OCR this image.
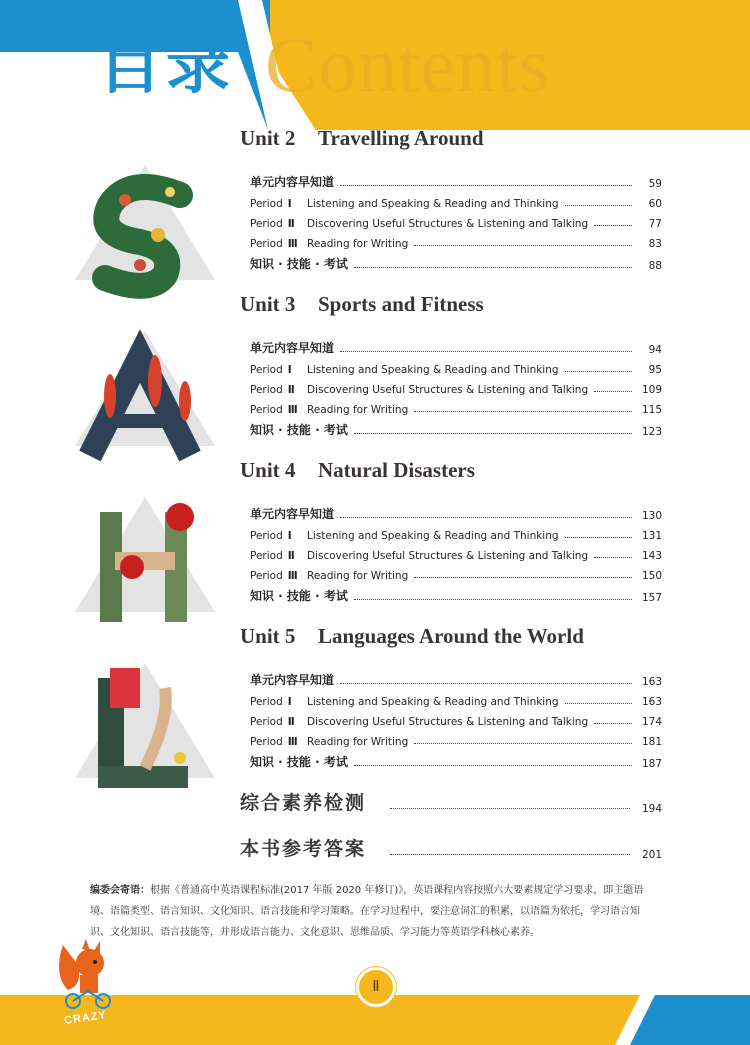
目录 Contents
Unit 2 Travelling Around
单元内容早知道	59
Period Ⅰ	Listening and Speaking & Reading and Thinking	60
Period Ⅱ	Discovering Useful Structures & Listening and Talking	77
Period Ⅲ Reading for Writing	83
知识 · 技能 · 考试	88
Unit 3 Sports and Fitness
单元内容早知道	94
Period Ⅰ	Listening and Speaking & Reading and Thinking	95
Period Ⅱ	Discovering Useful Structures & Listening and Talking	109
Period Ⅲ Reading for Writing	115
知识 · 技能 · 考试	123
Unit 4 Natural Disasters
单元内容早知道	130
Period Ⅰ	Listening and Speaking & Reading and Thinking	131
Period Ⅱ	Discovering Useful Structures & Listening and Talking	143
Period Ⅲ Reading for Writing	150
知识 · 技能 · 考试	157
Unit 5 Languages Around the World
单元内容早知道	163
Period Ⅰ	Listening and Speaking & Reading and Thinking	163
Period Ⅱ	Discovering Useful Structures & Listening and Talking	174
Period Ⅲ Reading for Writing	181
知识 · 技能 · 考试	187
综合素养检测	194
本书参考答案	201
编委会寄语：根据《普通高中英语课程标准(2017 年版 2020 年修订)》，英语课程内容按照六大要素规定学习要求，即主题语境、语篇类型、语言知识、文化知识、语言技能和学习策略。在学习过程中，要注意词汇的积累，以语篇为依托，学习语言知识、文化知识、语言技能等，并形成语言能力、文化意识、思维品质、学习能力等英语学科核心素养。
CRAZY
Ⅱ
